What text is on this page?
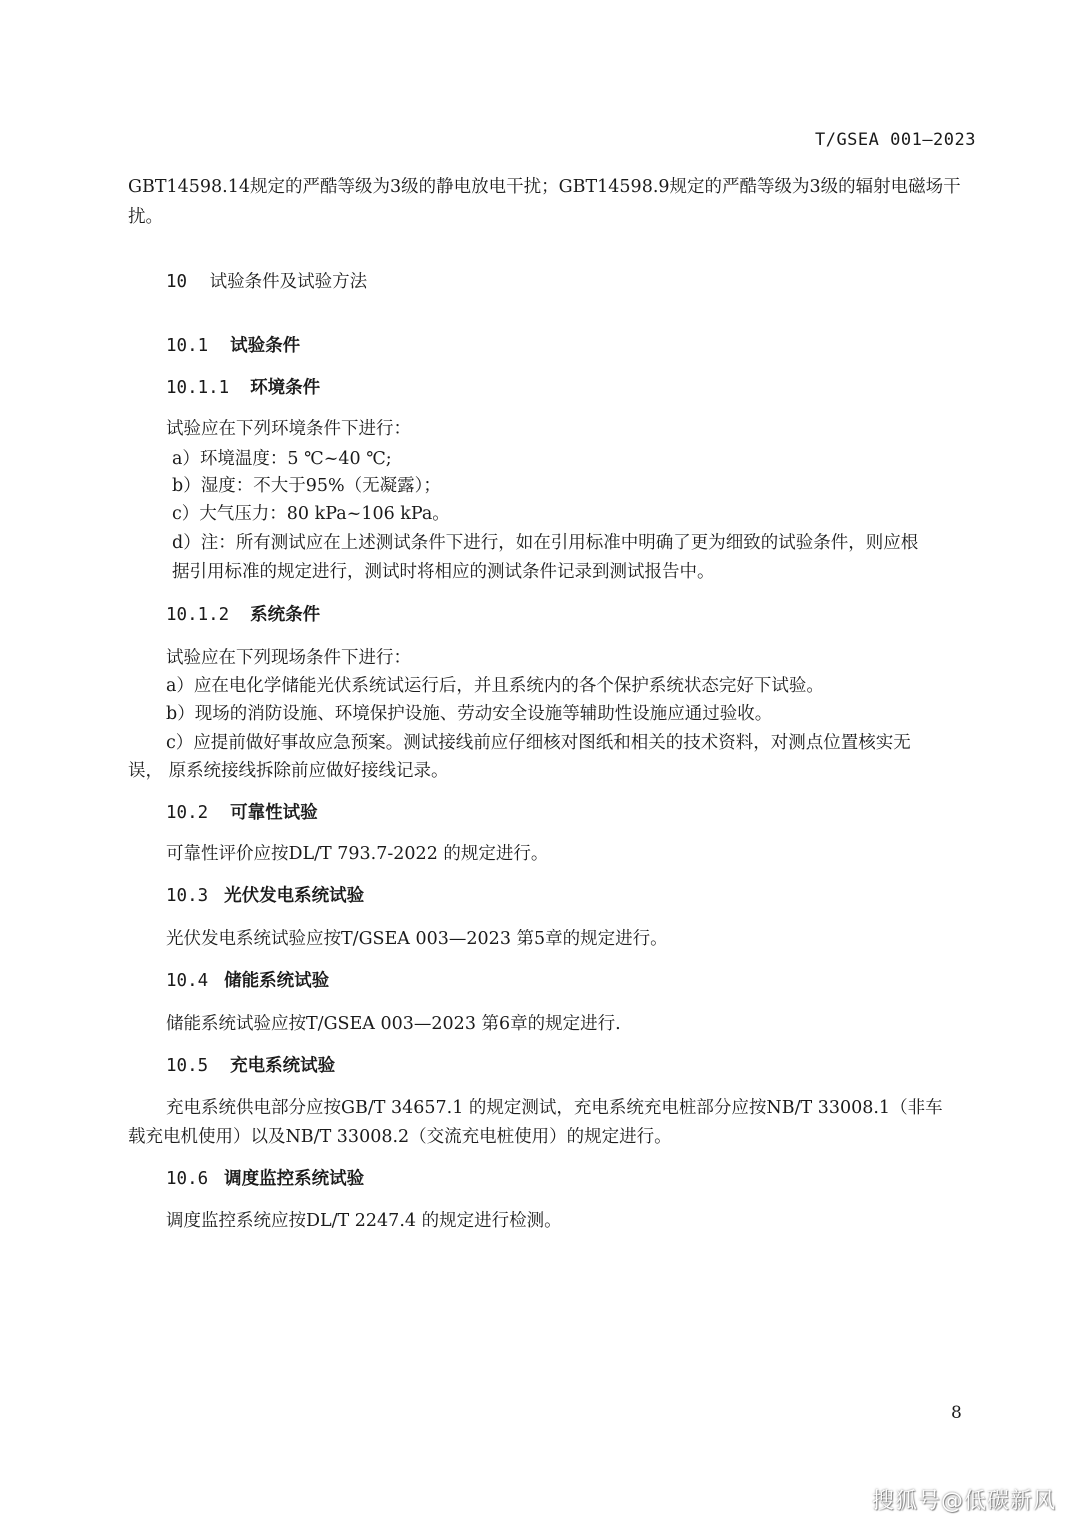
T/GSEA 001—2023
GBT14598.14规定的严酷等级为3级的静电放电干扰；GBT14598.9规定的严酷等级为3级的辐射电磁场干
扰。
10 试验条件及试验方法
10.1 试验条件
10.1.1 环境条件
试验应在下列环境条件下进行：
a）环境温度：5 ℃~40 ℃;
b）湿度：不大于95%（无凝露）；
c）大气压力：80 kPa~106 kPa。
d）注：所有测试应在上述测试条件下进行，如在引用标准中明确了更为细致的试验条件，则应根
据引用标准的规定进行，测试时将相应的测试条件记录到测试报告中。
10.1.2 系统条件
试验应在下列现场条件下进行：
a）应在电化学储能光伏系统试运行后，并且系统内的各个保护系统状态完好下试验。
b）现场的消防设施、环境保护设施、劳动安全设施等辅助性设施应通过验收。
c）应提前做好事故应急预案。测试接线前应仔细核对图纸和相关的技术资料，对测点位置核实无
误， 原系统接线拆除前应做好接线记录。
10.2 可靠性试验
可靠性评价应按DL/T 793.7-2022 的规定进行。
10.3 光伏发电系统试验
光伏发电系统试验应按T/GSEA 003—2023 第5章的规定进行。
10.4 储能系统试验
储能系统试验应按T/GSEA 003—2023 第6章的规定进行.
10.5 充电系统试验
充电系统供电部分应按GB/T 34657.1 的规定测试，充电系统充电桩部分应按NB/T 33008.1（非车
载充电机使用）以及NB/T 33008.2（交流充电桩使用）的规定进行。
10.6 调度监控系统试验
调度监控系统应按DL/T 2247.4 的规定进行检测。
8
搜狐号@低碳新风
